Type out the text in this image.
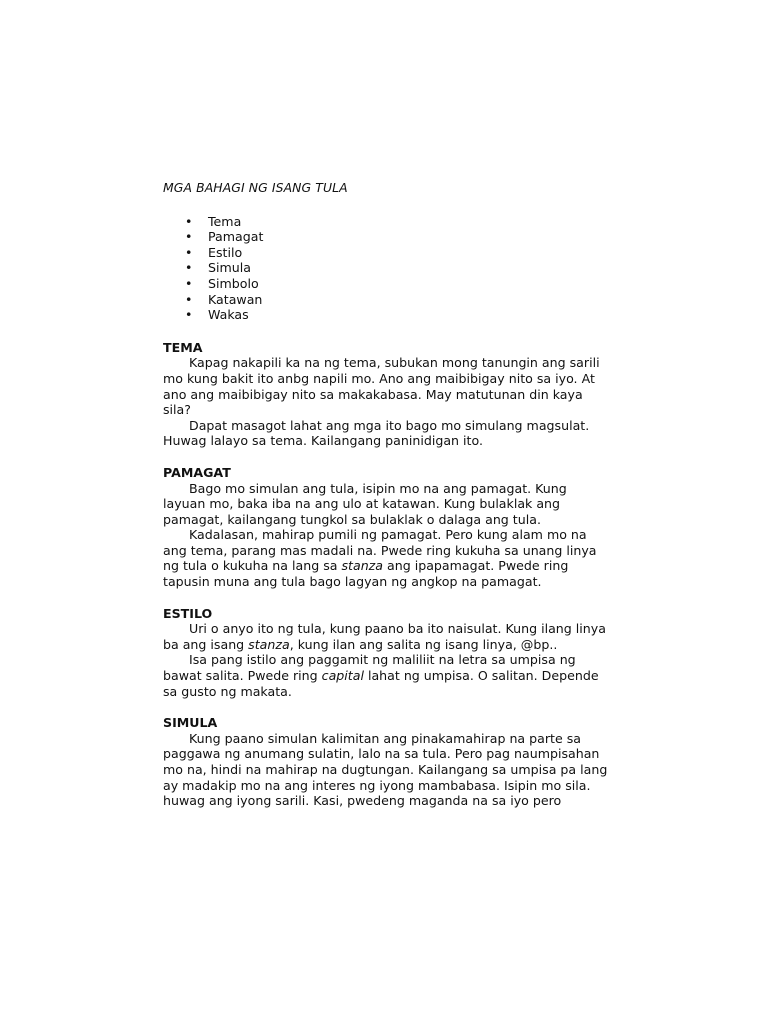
MGA BAHAGI NG ISANG TULA
• Tema
• Pamagat
• Estilo
• Simula
• Simbolo
• Katawan
• Wakas
TEMA

Kapag nakapili ka na ng tema, subukan mong tanungin ang sarili mo kung bakit ito anbg napili mo. Ano ang maibibigay nito sa iyo. At ano ang maibibigay nito sa makakabasa. May matutunan din kaya sila?

Dapat masagot lahat ang mga ito bago mo simulang magsulat. Huwag lalayo sa tema. Kailangang paninidigan ito.

PAMAGAT

Bago mo simulan ang tula, isipin mo na ang pamagat. Kung layuan mo, baka iba na ang ulo at katawan. Kung bulaklak ang pamagat, kailangang tungkol sa bulaklak o dalaga ang tula.

Kadalasan, mahirap pumili ng pamagat. Pero kung alam mo na ang tema, parang mas madali na. Pwede ring kukuha sa unang linya ng tula o kukuha na lang sa stanza ang ipapamagat. Pwede ring tapusin muna ang tula bago lagyan ng angkop na pamagat.

ESTILO

Uri o anyo ito ng tula, kung paano ba ito naisulat. Kung ilang linya ba ang isang stanza, kung ilan ang salita ng isang linya, @bp..

Isa pang istilo ang paggamit ng maliliit na letra sa umpisa ng bawat salita. Pwede ring capital lahat ng umpisa. O salitan. Depende sa gusto ng makata.

SIMULA

Kung paano simulan kalimitan ang pinakamahirap na parte sa paggawa ng anumang sulatin, lalo na sa tula. Pero pag naumpisahan mo na, hindi na mahirap na dugtungan. Kailangang sa umpisa pa lang ay madakip mo na ang interes ng iyong mambabasa. Isipin mo sila. huwag ang iyong sarili. Kasi, pwedeng maganda na sa iyo pero
